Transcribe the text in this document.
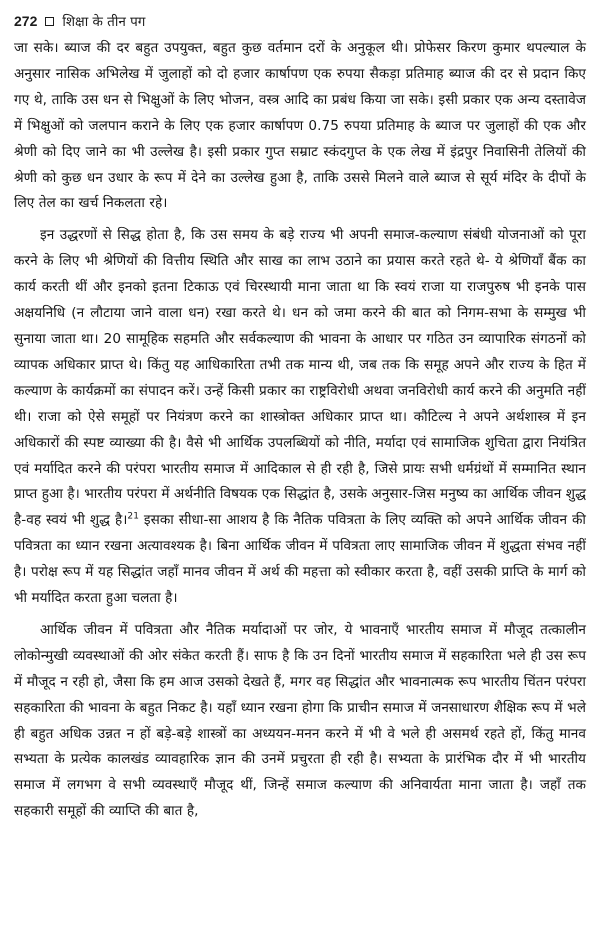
272 शिक्षा के तीन पग

जा सके। ब्याज की दर बहुत उपयुक्त, बहुत कुछ वर्तमान दरों के अनुकूल थी। प्रोफेसर किरण कुमार थपल्याल के अनुसार नासिक अभिलेख में जुलाहों को दो हजार कार्षापण एक रुपया सैकड़ा प्रतिमाह ब्याज की दर से प्रदान किए गए थे, ताकि उस धन से भिक्षुओं के लिए भोजन, वस्त्र आदि का प्रबंध किया जा सके। इसी प्रकार एक अन्य दस्तावेज में भिक्षुओं को जलपान कराने के लिए एक हजार कार्षापण 0.75 रुपया प्रतिमाह के ब्याज पर जुलाहों की एक और श्रेणी को दिए जाने का भी उल्लेख है। इसी प्रकार गुप्त सम्राट स्कंदगुप्त के एक लेख में इंद्रपुर निवासिनी तेलियों की श्रेणी को कुछ धन उधार के रूप में देने का उल्लेख हुआ है, ताकि उससे मिलने वाले ब्याज से सूर्य मंदिर के दीपों के लिए तेल का खर्च निकलता रहे।

इन उद्धरणों से सिद्ध होता है, कि उस समय के बड़े राज्य भी अपनी समाज-कल्याण संबंधी योजनाओं को पूरा करने के लिए भी श्रेणियों की वित्तीय स्थिति और साख का लाभ उठाने का प्रयास करते रहते थे- ये श्रेणियाँ बैंक का कार्य करती थीं और इनको इतना टिकाऊ एवं चिरस्थायी माना जाता था कि स्वयं राजा या राजपुरुष भी इनके पास अक्षयनिधि (न लौटाया जाने वाला धन) रखा करते थे। धन को जमा करने की बात को निगम-सभा के सम्मुख भी सुनाया जाता था। 20 सामूहिक सहमति और सर्वकल्याण की भावना के आधार पर गठित उन व्यापारिक संगठनों को व्यापक अधिकार प्राप्त थे। किंतु यह आधिकारिता तभी तक मान्य थी, जब तक कि समूह अपने और राज्य के हित में कल्याण के कार्यक्रमों का संपादन करें। उन्हें किसी प्रकार का राष्ट्रविरोधी अथवा जनविरोधी कार्य करने की अनुमति नहीं थी। राजा को ऐसे समूहों पर नियंत्रण करने का शास्त्रोक्त अधिकार प्राप्त था। कौटिल्य ने अपने अर्थशास्त्र में इन अधिकारों की स्पष्ट व्याख्या की है। वैसे भी आर्थिक उपलब्धियों को नीति, मर्यादा एवं सामाजिक शुचिता द्वारा नियंत्रित एवं मर्यादित करने की परंपरा भारतीय समाज में आदिकाल से ही रही है, जिसे प्रायः सभी धर्मग्रंथों में सम्मानित स्थान प्राप्त हुआ है। भारतीय परंपरा में अर्थनीति विषयक एक सिद्धांत है, उसके अनुसार-जिस मनुष्य का आर्थिक जीवन शुद्ध है-वह स्वयं भी शुद्ध है।$^{21}$ इसका सीधा-सा आशय है कि नैतिक पवित्रता के लिए व्यक्ति को अपने आर्थिक जीवन की पवित्रता का ध्यान रखना अत्यावश्यक है। बिना आर्थिक जीवन में पवित्रता लाए सामाजिक जीवन में शुद्धता संभव नहीं है। परोक्ष रूप में यह सिद्धांत जहाँ मानव जीवन में अर्थ की महत्ता को स्वीकार करता है, वहीं उसकी प्राप्ति के मार्ग को भी मर्यादित करता हुआ चलता है।

आर्थिक जीवन में पवित्रता और नैतिक मर्यादाओं पर जोर, ये भावनाएँ भारतीय समाज में मौजूद तत्कालीन लोकोन्मुखी व्यवस्थाओं की ओर संकेत करती हैं। साफ है कि उन दिनों भारतीय समाज में सहकारिता भले ही उस रूप में मौजूद न रही हो, जैसा कि हम आज उसको देखते हैं, मगर वह सिद्धांत और भावनात्मक रूप भारतीय चिंतन परंपरा सहकारिता की भावना के बहुत निकट है। यहाँ ध्यान रखना होगा कि प्राचीन समाज में जनसाधारण शैक्षिक रूप में भले ही बहुत अधिक उन्नत न हों बड़े-बड़े शास्त्रों का अध्ययन-मनन करने में भी वे भले ही असमर्थ रहते हों, किंतु मानव सभ्यता के प्रत्येक कालखंड व्यावहारिक ज्ञान की उनमें प्रचुरता ही रही है। सभ्यता के प्रारंभिक दौर में भी भारतीय समाज में लगभग वे सभी व्यवस्थाएँ मौजूद थीं, जिन्हें समाज कल्याण की अनिवार्यता माना जाता है। जहाँ तक सहकारी समूहों की व्याप्ति की बात है,
